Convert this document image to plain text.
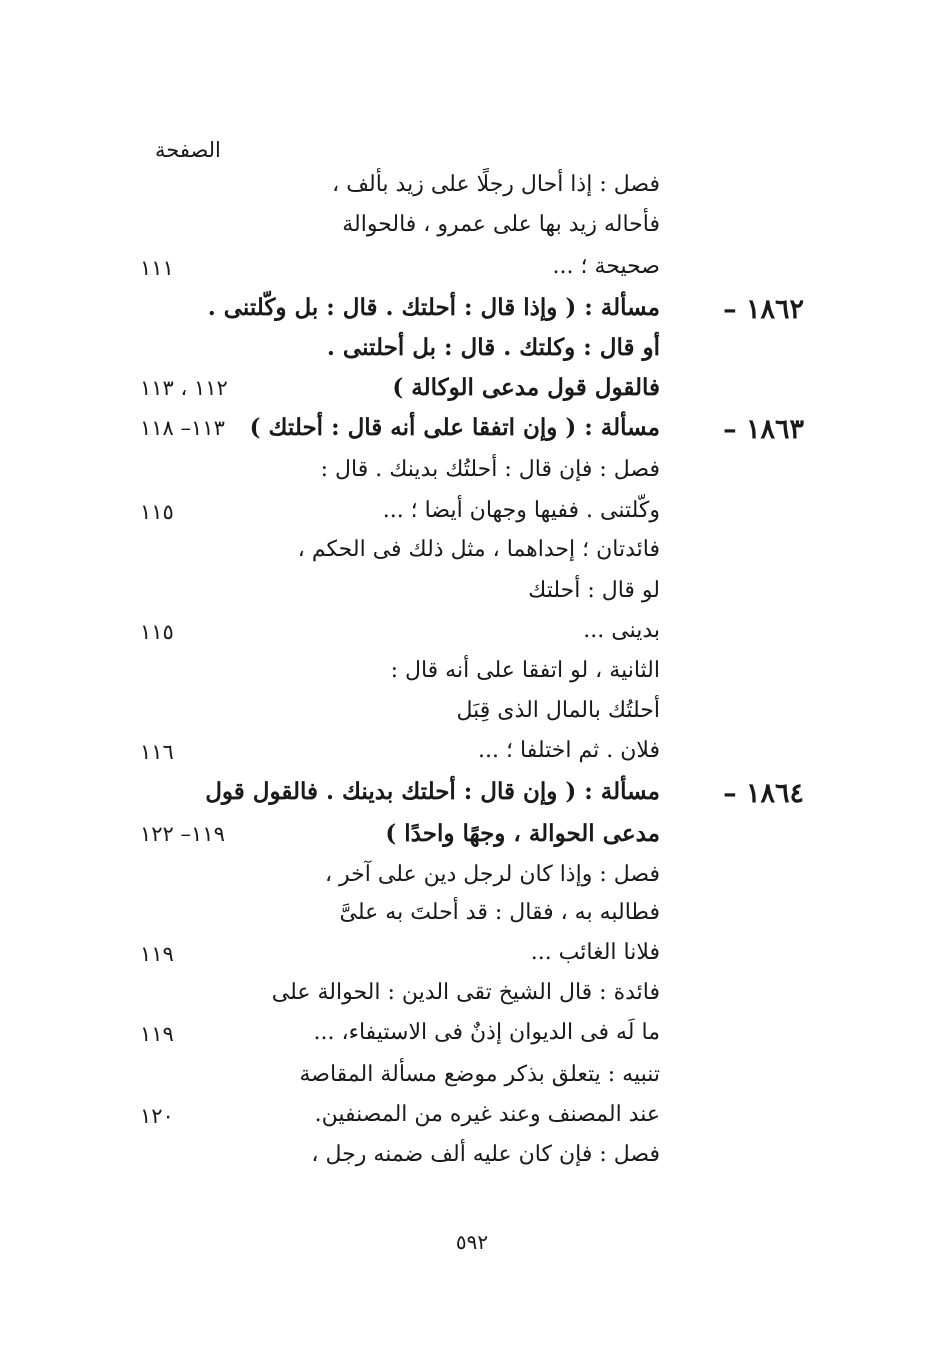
الصفحة
فصل : إذا أحال رجلًا على زيد بألف ،
فأحاله زيد بها على عمرو ، فالحوالة
صحيحة ؛ ...
١١١
١٨٦٢ –
مسألة : ( وإذا قال : أحلتك . قال : بل وكّلتنى .
أو قال : وكلتك . قال : بل أحلتنى .
فالقول قول مدعى الوكالة )
١١٢ ، ١١٣
١٨٦٣ –
مسألة : ( وإن اتفقا على أنه قال : أحلتك )
١١٣– ١١٨
فصل : فإن قال : أحلتُك بدينك . قال :
وكّلتنى . ففيها وجهان أيضا ؛ ...
١١٥
فائدتان ؛ إحداهما ، مثل ذلك فى الحكم ،
لو قال : أحلتك
بدينى ...
١١٥
الثانية ، لو اتفقا على أنه قال :
أحلتُك بالمال الذى قِبَل
فلان . ثم اختلفا ؛ ...
١١٦
١٨٦٤ –
مسألة : ( وإن قال : أحلتك بدينك . فالقول قول
مدعى الحوالة ، وجهًا واحدًا )
١١٩– ١٢٢
فصل : وإذا كان لرجل دين على آخر ،
فطالبه به ، فقال : قد أحلتَ به علىَّ
فلانا الغائب ...
١١٩
فائدة : قال الشيخ تقى الدين : الحوالة على
ما لَه فى الديوان إذنٌ فى الاستيفاء، ...
١١٩
تنبيه : يتعلق بذكر موضع مسألة المقاصة
عند المصنف وعند غيره من المصنفين.
١٢٠
فصل : فإن كان عليه ألف ضمنه رجل ،
٥٩٢
